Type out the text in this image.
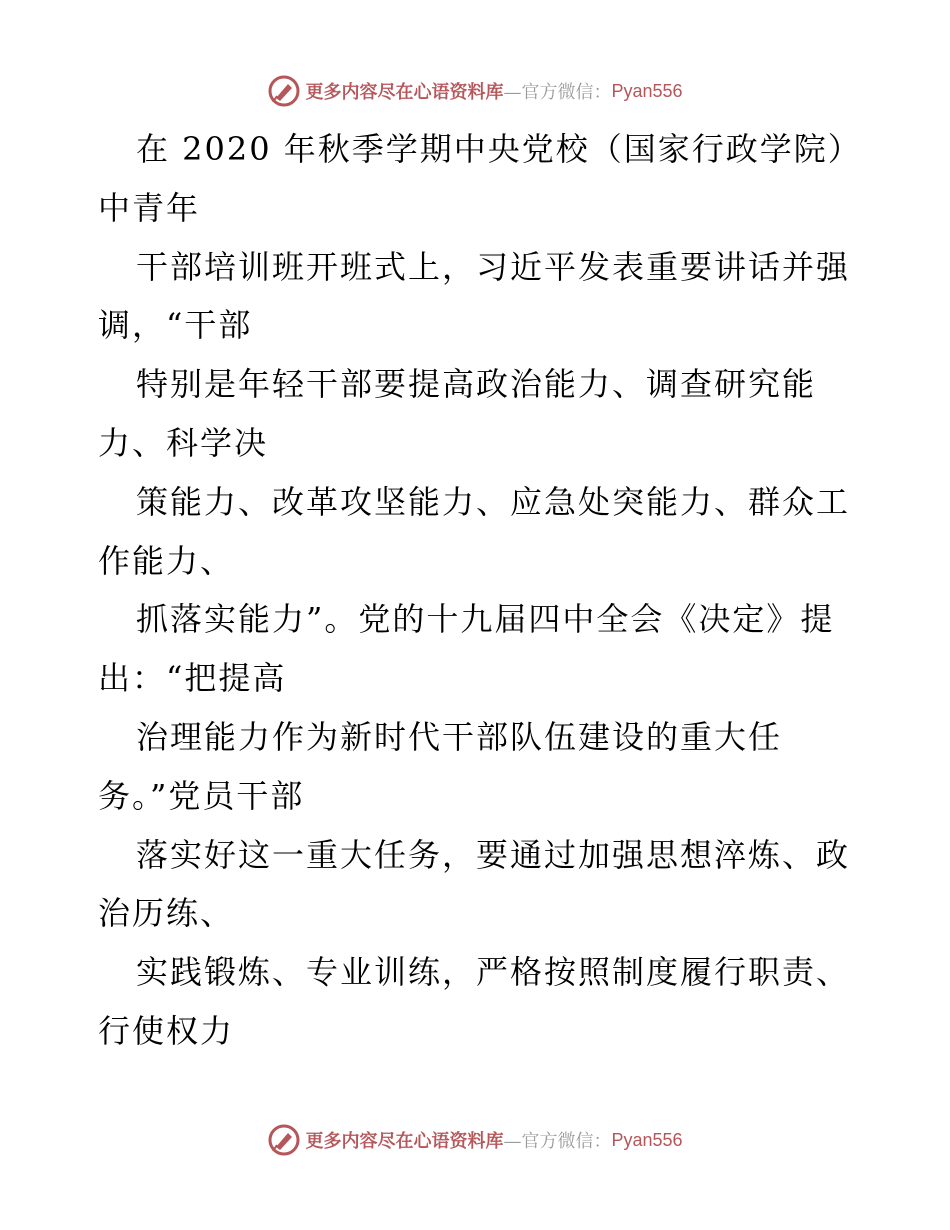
更多内容尽在心语资料库 —官方微信： Pyan556
在 2020 年秋季学期中央党校（国家行政学院）
中青年
干部培训班开班式上，习近平发表重要讲话并强
调，“干部
特别是年轻干部要提高政治能力、调查研究能
力、科学决
策能力、改革攻坚能力、应急处突能力、群众工
作能力、
抓落实能力”。党的十九届四中全会《决定》提
出：“把提高
治理能力作为新时代干部队伍建设的重大任
务。”党员干部
落实好这一重大任务，要通过加强思想淬炼、政
治历练、
实践锻炼、专业训练，严格按照制度履行职责、
行使权力
更多内容尽在心语资料库 —官方微信： Pyan556
